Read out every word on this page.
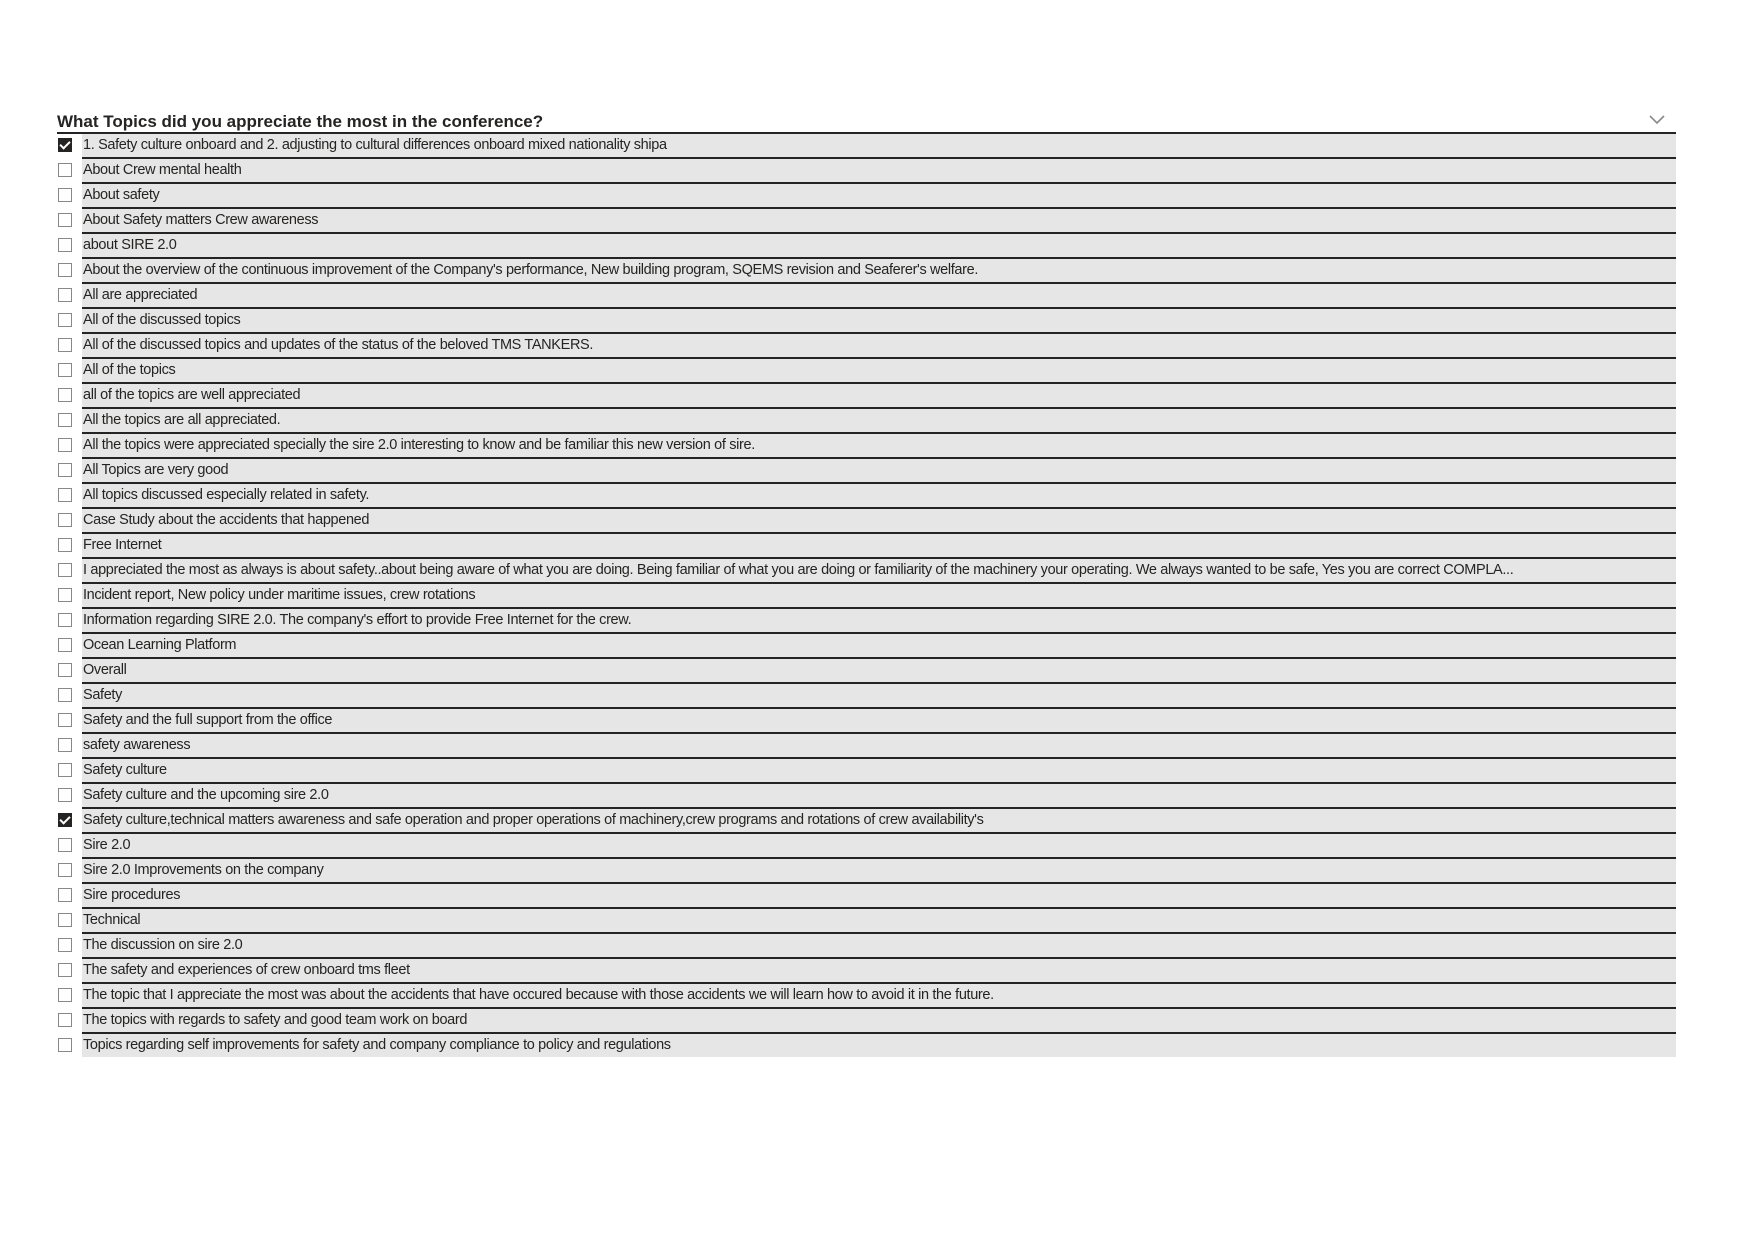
What Topics did you appreciate the most in the conference?
1. Safety culture onboard and 2. adjusting to cultural differences onboard mixed nationality shipa
About Crew mental health
About safety
About Safety matters Crew awareness
about SIRE 2.0
About the overview of the continuous improvement of the Company's performance, New building program, SQEMS revision and Seaferer's welfare.
All are appreciated
All of the discussed topics
All of the discussed topics and updates of the status of the beloved TMS TANKERS.
All of the topics
all of the topics are well appreciated
All the topics are all appreciated.
All the topics were appreciated specially the sire 2.0 interesting to know and be familiar this new version of sire.
All Topics are very good
All topics discussed especially related in safety.
Case Study about the accidents that happened
Free Internet
I appreciated the most as always is about safety..about being aware of what you are doing. Being familiar of what you are doing or familiarity of the machinery your operating. We always wanted to be safe, Yes you are correct COMPLA...
Incident report, New policy under maritime issues, crew rotations
Information regarding SIRE 2.0. The company's effort to provide Free Internet for the crew.
Ocean Learning Platform
Overall
Safety
Safety and the full support from the office
safety awareness
Safety culture
Safety culture and the upcoming sire 2.0
Safety culture,technical matters awareness and safe operation and proper operations of machinery,crew programs and rotations of crew availability's
Sire 2.0
Sire 2.0 Improvements on the company
Sire procedures
Technical
The discussion on sire 2.0
The safety and experiences of crew onboard tms fleet
The topic that I appreciate the most was about the accidents that have occured because with those accidents we will learn how to avoid it in the future.
The topics with regards to safety and good team work on board
Topics regarding self improvements for safety and company compliance to policy and regulations
